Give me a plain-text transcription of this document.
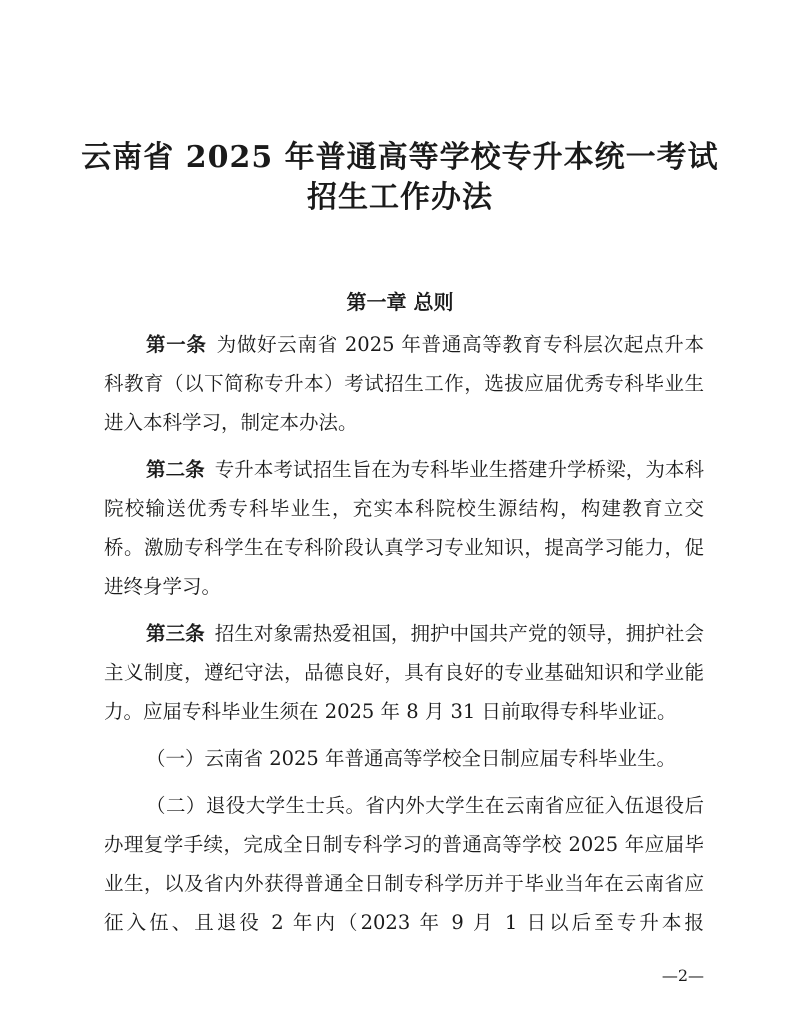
云南省 2025 年普通高等学校专升本统一考试
招生工作办法
第一章 总则

第一条 为做好云南省 2025 年普通高等教育专科层次起点升本科教育（以下简称专升本）考试招生工作，选拔应届优秀专科毕业生进入本科学习，制定本办法。

第二条 专升本考试招生旨在为专科毕业生搭建升学桥梁，为本科院校输送优秀专科毕业生，充实本科院校生源结构，构建教育立交桥。激励专科学生在专科阶段认真学习专业知识，提高学习能力，促进终身学习。

第三条 招生对象需热爱祖国，拥护中国共产党的领导，拥护社会主义制度，遵纪守法，品德良好，具有良好的专业基础知识和学业能力。应届专科毕业生须在 2025 年 8 月 31 日前取得专科毕业证。

（一）云南省 2025 年普通高等学校全日制应届专科毕业生。

（二）退役大学生士兵。省内外大学生在云南省应征入伍退役后办理复学手续，完成全日制专科学习的普通高等学校 2025 年应届毕业生，以及省内外获得普通全日制专科学历并于毕业当年在云南省应征入伍、且退役 2 年内（2023 年 9 月 1 日以后至专升本报

—2—
